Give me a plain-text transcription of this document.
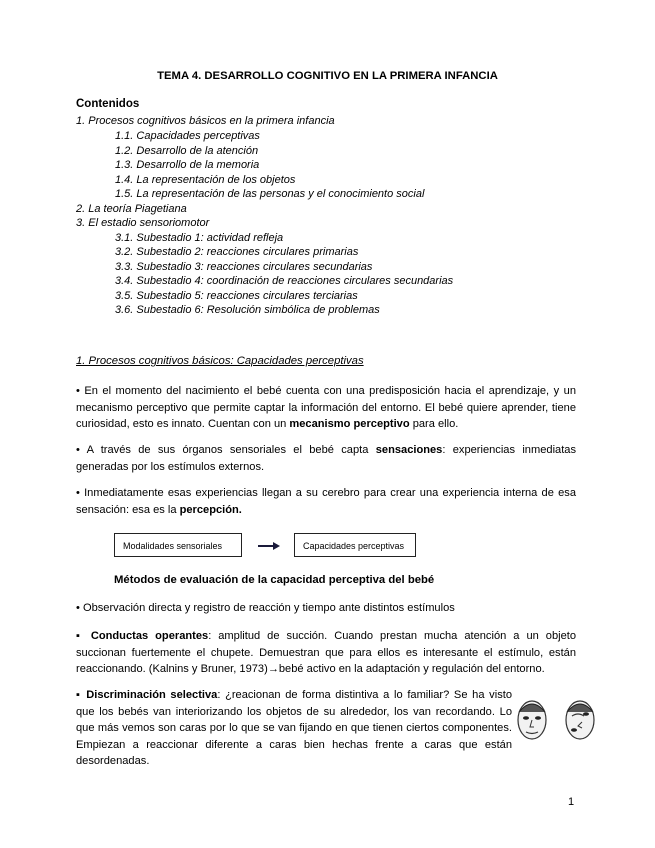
TEMA 4. DESARROLLO COGNITIVO EN LA PRIMERA INFANCIA
Contenidos
1. Procesos cognitivos básicos en la primera infancia
1.1. Capacidades perceptivas
1.2. Desarrollo de la atención
1.3. Desarrollo de la memoria
1.4. La representación de los objetos
1.5. La representación de las personas y el conocimiento social
2. La teoría Piagetiana
3. El estadio sensoriomotor
3.1. Subestadio 1: actividad refleja
3.2. Subestadio 2: reacciones circulares primarias
3.3. Subestadio 3: reacciones circulares secundarias
3.4. Subestadio 4: coordinación de reacciones circulares secundarias
3.5. Subestadio 5: reacciones circulares terciarias
3.6. Subestadio 6: Resolución simbólica de problemas
1. Procesos cognitivos básicos: Capacidades perceptivas
• En el momento del nacimiento el bebé cuenta con una predisposición hacia el aprendizaje, y un mecanismo perceptivo que permite captar la información del entorno. El bebé quiere aprender, tiene curiosidad, esto es innato. Cuentan con un mecanismo perceptivo para ello.
• A través de sus órganos sensoriales el bebé capta sensaciones: experiencias inmediatas generadas por los estímulos externos.
• Inmediatamente esas experiencias llegan a su cerebro para crear una experiencia interna de esa sensación: esa es la percepción.
Modalidades sensoriales	Capacidades perceptivas
Métodos de evaluación de la capacidad perceptiva del bebé
• Observación directa y registro de reacción y tiempo ante distintos estímulos
▪ Conductas operantes: amplitud de succión. Cuando prestan mucha atención a un objeto succionan fuertemente el chupete. Demuestran que para ellos es interesante el estímulo, están reaccionando. (Kalnins y Bruner, 1973)→bebé activo en la adaptación y regulación del entorno.
▪ Discriminación selectiva: ¿reacionan de forma distintiva a lo familiar? Se ha visto que los bebés van interiorizando los objetos de su alrededor, los van recordando. Lo que más vemos son caras por lo que se van fijando en que tienen ciertos componentes. Empiezan a reaccionar diferente a caras bien hechas frente a caras que están desordenadas.
1
